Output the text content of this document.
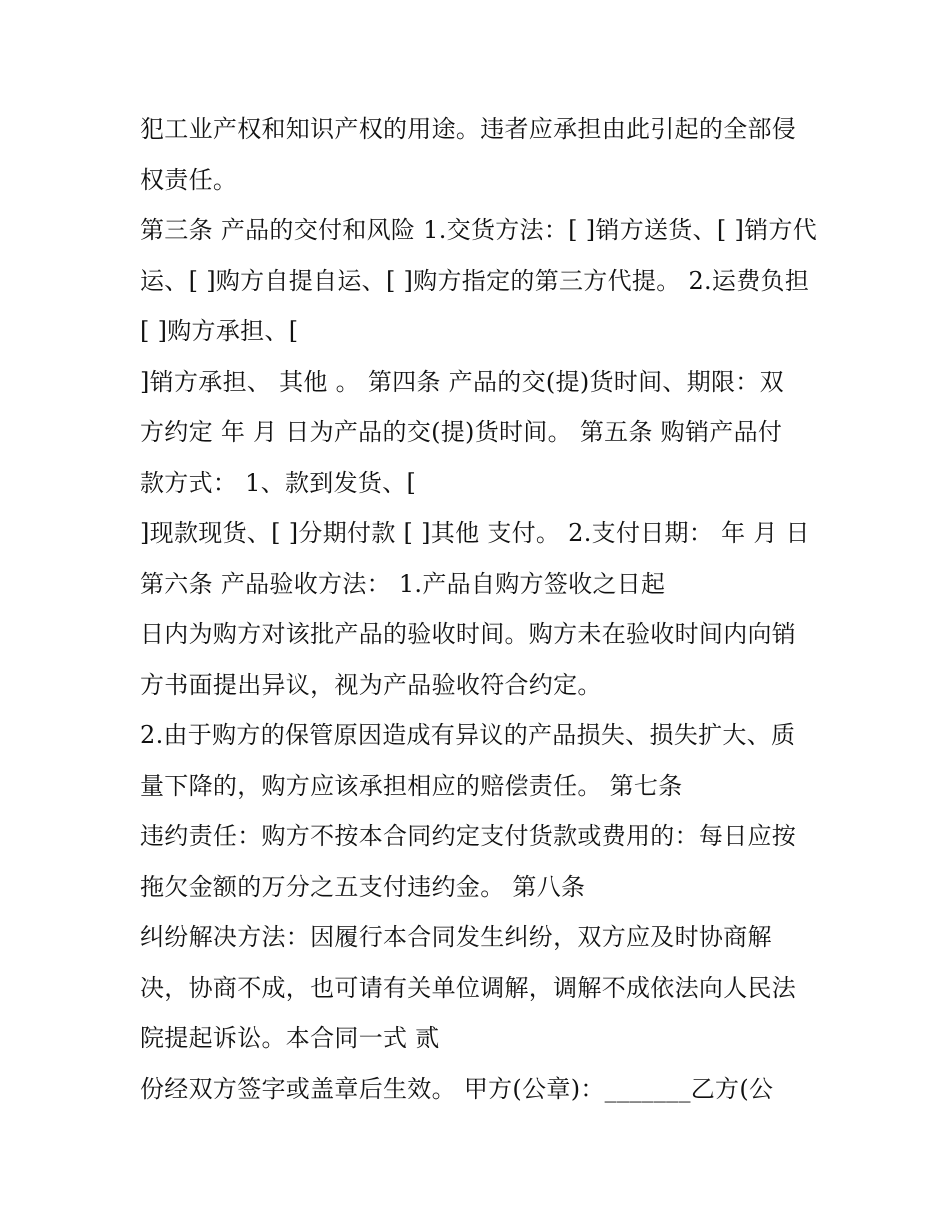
犯工业产权和知识产权的用途。违者应承担由此引起的全部侵
权责任。
第三条 产品的交付和风险 1.交货方法：[ ]销方送货、[ ]销方代
运、[ ]购方自提自运、[ ]购方指定的第三方代提。 2.运费负担
[ ]购方承担、[
]销方承担、 其他 。 第四条 产品的交(提)货时间、期限：双
方约定 年 月 日为产品的交(提)货时间。 第五条 购销产品付
款方式： 1、款到发货、[
]现款现货、[ ]分期付款 [ ]其他 支付。 2.支付日期： 年 月 日
第六条 产品验收方法： 1.产品自购方签收之日起
日内为购方对该批产品的验收时间。购方未在验收时间内向销
方书面提出异议，视为产品验收符合约定。
2.由于购方的保管原因造成有异议的产品损失、损失扩大、质
量下降的，购方应该承担相应的赔偿责任。 第七条
违约责任：购方不按本合同约定支付货款或费用的：每日应按
拖欠金额的万分之五支付违约金。 第八条
纠纷解决方法：因履行本合同发生纠纷，双方应及时协商解
决，协商不成，也可请有关单位调解，调解不成依法向人民法
院提起诉讼。本合同一式 贰
份经双方签字或盖章后生效。 甲方(公章)：_______乙方(公
